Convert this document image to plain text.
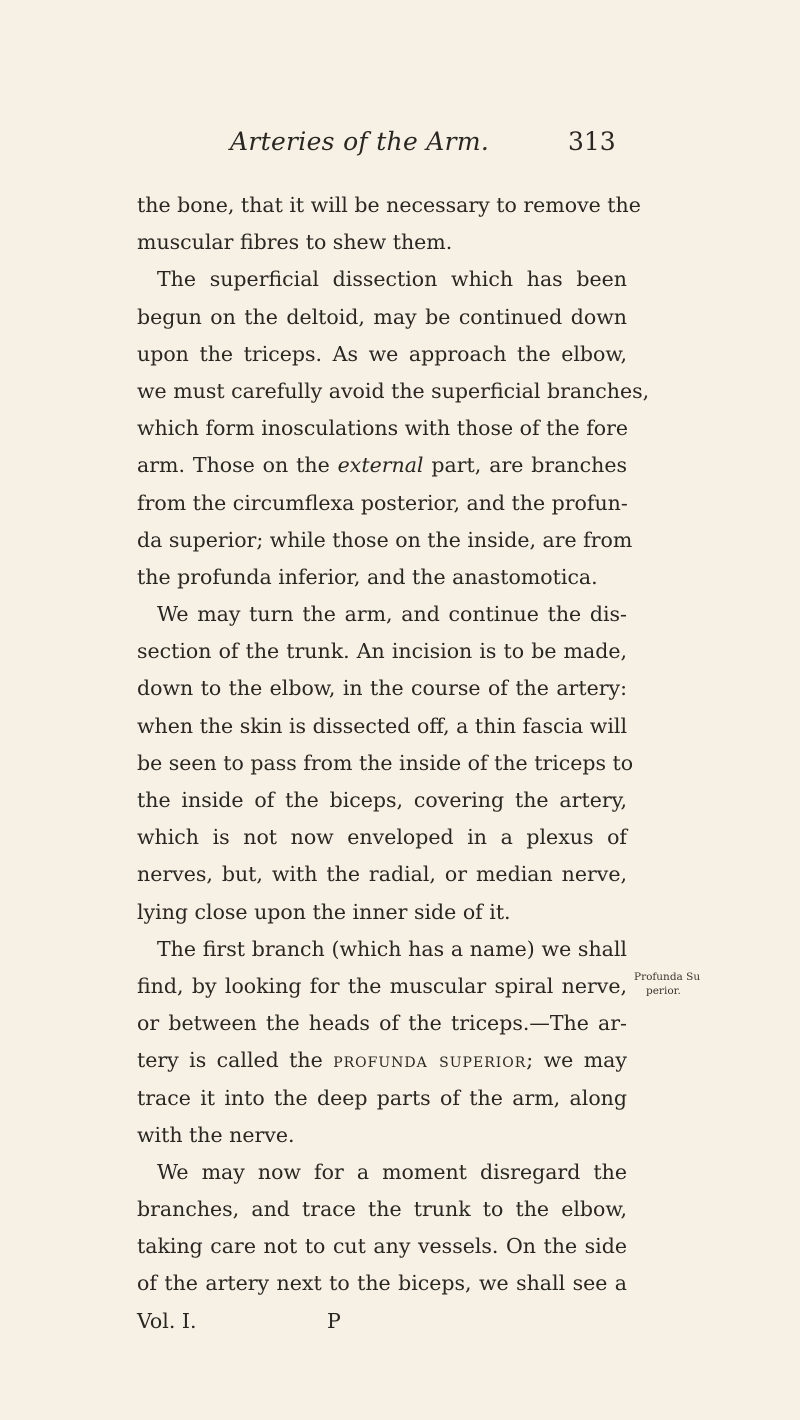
Arteries of the Arm.	313
the bone, that it will be necessary to remove the
muscular fibres to shew them.
The superficial dissection which has been
begun on the deltoid, may be continued down
upon the triceps. As we approach the elbow,
we must carefully avoid the superficial branches,
which form inosculations with those of the fore
arm. Those on the external part, are branches
from the circumflexa posterior, and the profun-
da superior; while those on the inside, are from
the profunda inferior, and the anastomotica.
We may turn the arm, and continue the dis-
section of the trunk. An incision is to be made,
down to the elbow, in the course of the artery:
when the skin is dissected off, a thin fascia will
be seen to pass from the inside of the triceps to
the inside of the biceps, covering the artery,
which is not now enveloped in a plexus of
nerves, but, with the radial, or median nerve,
lying close upon the inner side of it.
The first branch (which has a name) we shall
find, by looking for the muscular spiral nerve,
or between the heads of the triceps.—The ar-
tery is called the profunda superior; we may
trace it into the deep parts of the arm, along
with the nerve.
We may now for a moment disregard the
branches, and trace the trunk to the elbow,
taking care not to cut any vessels. On the side
of the artery next to the biceps, we shall see a
Vol. I.	P
Profunda Su
perior.
